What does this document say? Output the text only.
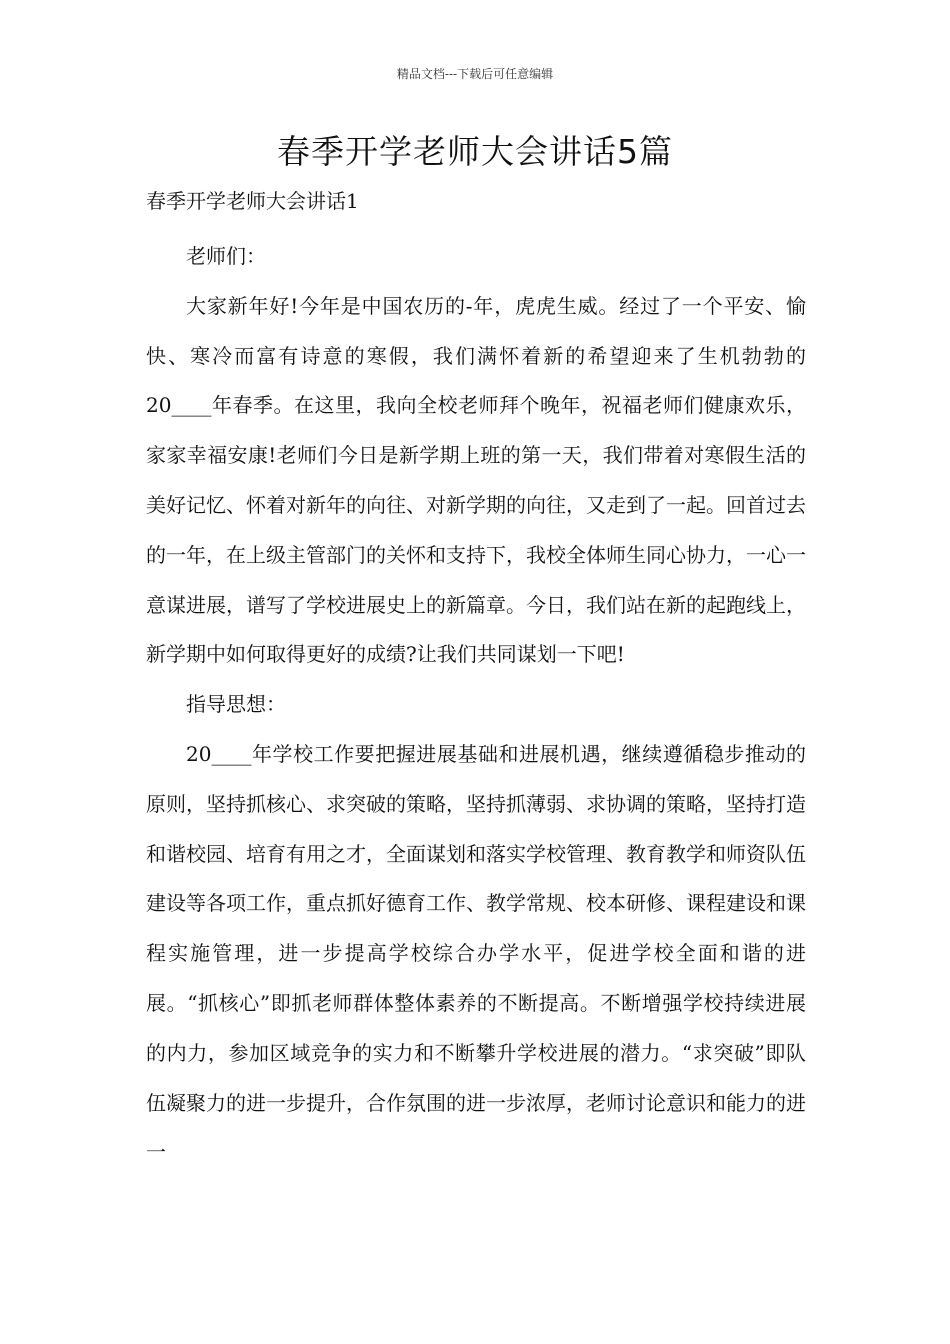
精品文档---下载后可任意编辑
春季开学老师大会讲话5篇
春季开学老师大会讲话1

老师们：

大家新年好!今年是中国农历的-年，虎虎生威。经过了一个平安、愉快、寒冷而富有诗意的寒假，我们满怀着新的希望迎来了生机勃勃的20____年春季。在这里，我向全校老师拜个晚年，祝福老师们健康欢乐，家家幸福安康!老师们今日是新学期上班的第一天，我们带着对寒假生活的美好记忆、怀着对新年的向往、对新学期的向往，又走到了一起。回首过去的一年，在上级主管部门的关怀和支持下，我校全体师生同心协力，一心一意谋进展，谱写了学校进展史上的新篇章。今日，我们站在新的起跑线上，新学期中如何取得更好的成绩?让我们共同谋划一下吧!

指导思想：

20____年学校工作要把握进展基础和进展机遇，继续遵循稳步推动的原则，坚持抓核心、求突破的策略，坚持抓薄弱、求协调的策略，坚持打造和谐校园、培育有用之才，全面谋划和落实学校管理、教育教学和师资队伍建设等各项工作，重点抓好德育工作、教学常规、校本研修、课程建设和课程实施管理，进一步提高学校综合办学水平，促进学校全面和谐的进展。“抓核心”即抓老师群体整体素养的不断提高。不断增强学校持续进展的内力，参加区域竞争的实力和不断攀升学校进展的潜力。“求突破”即队伍凝聚力的进一步提升，合作氛围的进一步浓厚，老师讨论意识和能力的进一
